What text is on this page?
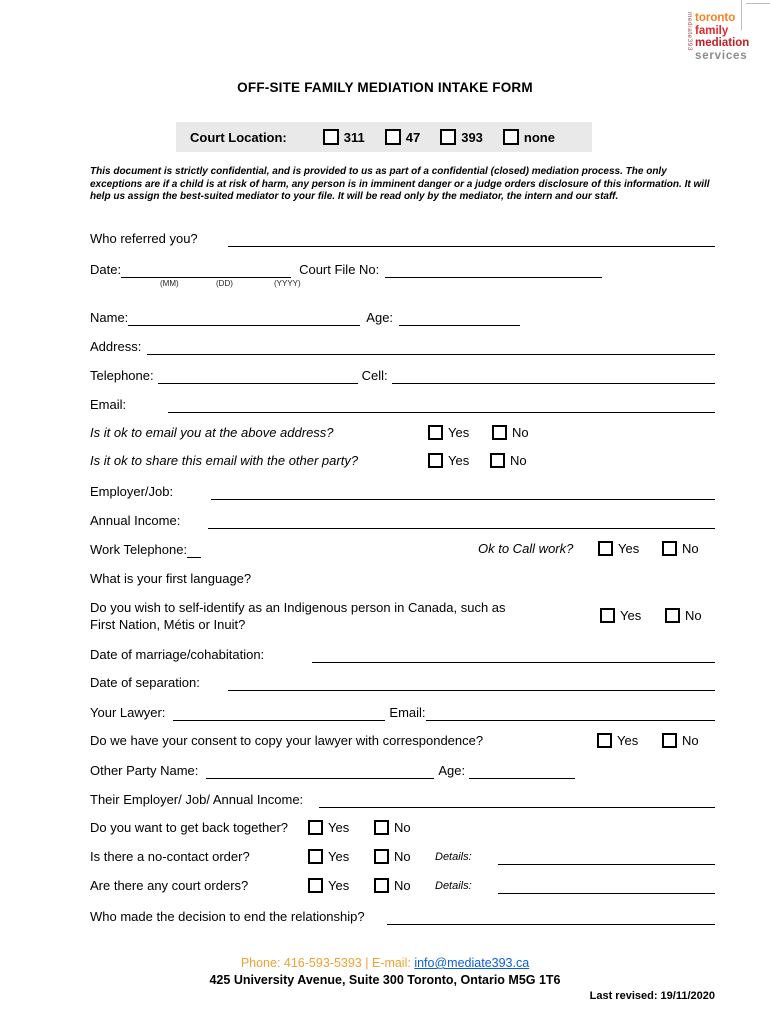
mediate393 toronto
family
mediation
services
OFF-SITE FAMILY MEDIATION INTAKE FORM
Court Location:	311	47	393	none
This document is strictly confidential, and is provided to us as part of a confidential (closed) mediation process. The only exceptions are if a child is at risk of harm, any person is in imminent danger or a judge orders disclosure of this information. It will help us assign the best-suited mediator to your file. It will be read only by the mediator, the intern and our staff.
Who referred you?
Date:	Court File No:
(MM)	(DD)	(YYYY)
Name:	Age:
Address:
Telephone:	Cell:
Email:
Is it ok to email you at the above address?	Yes	No
Is it ok to share this email with the other party?	Yes	No
Employer/Job:
Annual Income:
Work Telephone:	Ok to Call work?	Yes	No
What is your first language?
Do you wish to self-identify as an Indigenous person in Canada, such as
First Nation, Métis or Inuit?
Yes	No
Date of marriage/cohabitation:
Date of separation:
Your Lawyer:	Email:
Do we have your consent to copy your lawyer with correspondence?	Yes	No
Other Party Name:	Age:
Their Employer/ Job/ Annual Income:
Do you want to get back together?	Yes	No
Is there a no-contact order?	Yes	No Details:
Are there any court orders?	Yes	No Details:
Who made the decision to end the relationship?
Phone: 416-593-5393 | E-mail: info@mediate393.ca
425 University Avenue, Suite 300 Toronto, Ontario M5G 1T6
Last revised: 19/11/2020
